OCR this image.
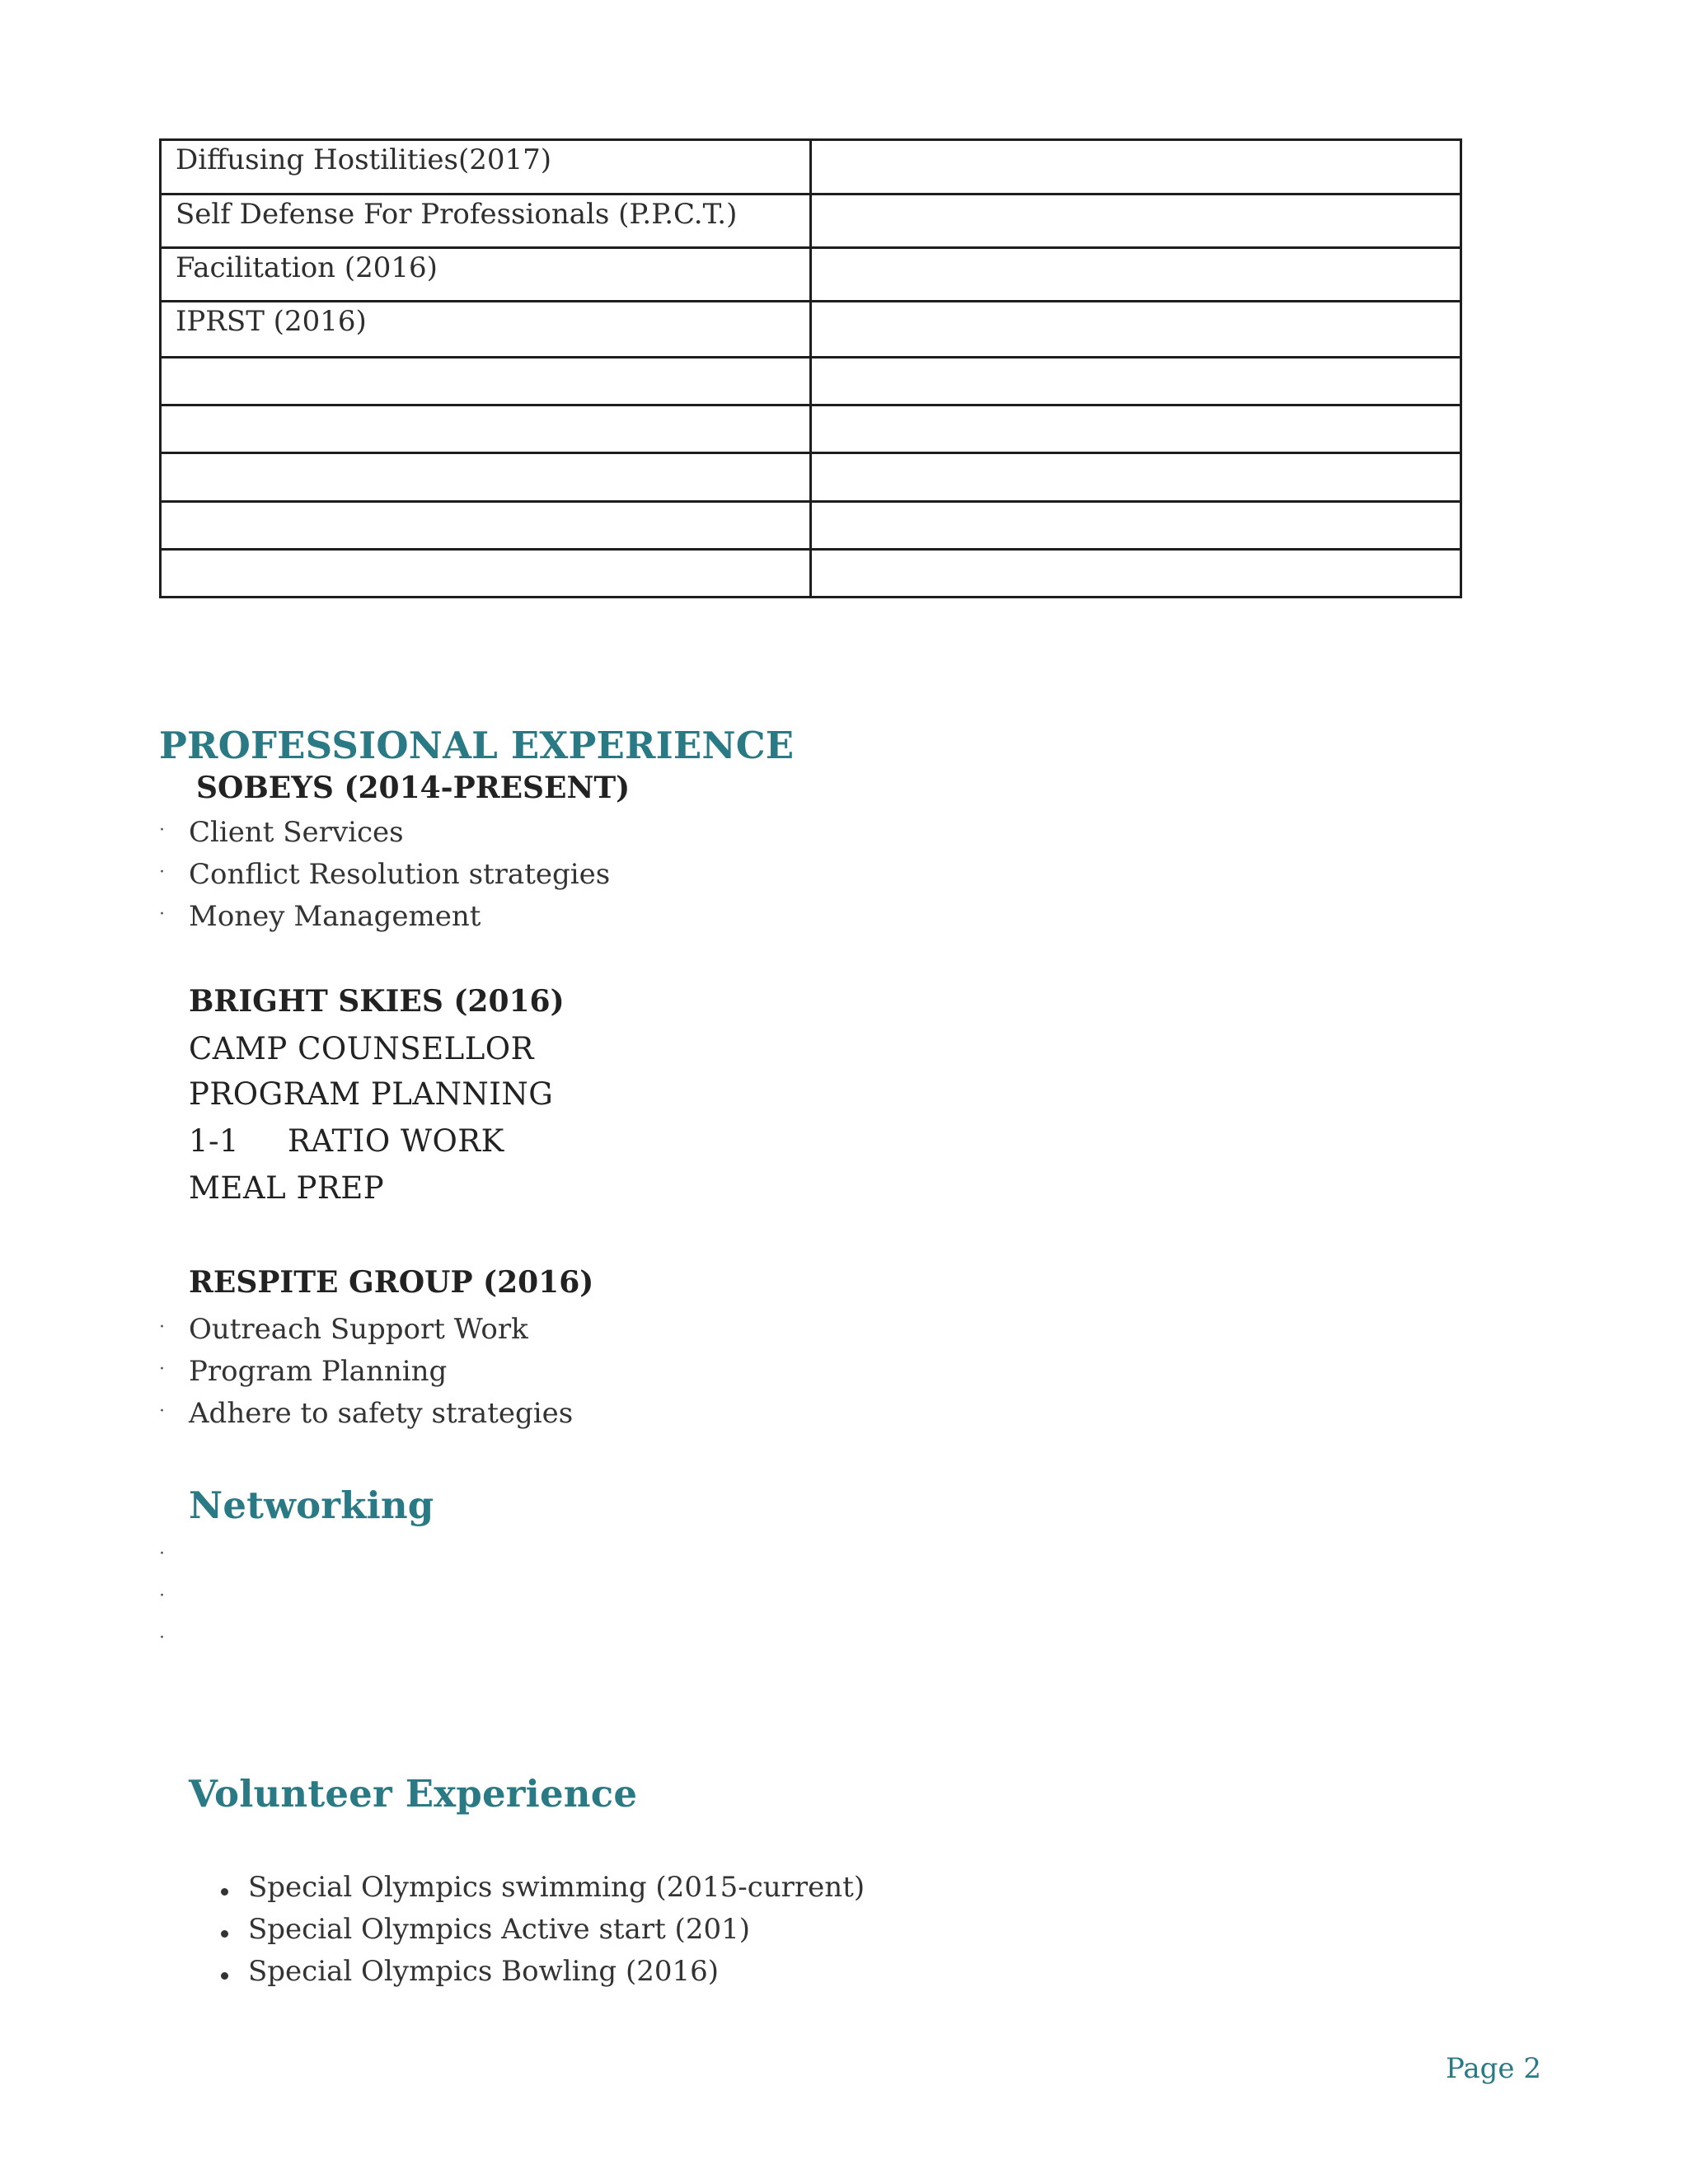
Diffusing Hostilities(2017)	

Self Defense For Professionals (P.P.C.T.)	

Facilitation (2016)	

IPRST (2016)	

PROFESSIONAL EXPERIENCE
SOBEYS (2014-PRESENT)
· Client Services
· Conflict Resolution strategies
· Money Management
BRIGHT SKIES (2016)
CAMP COUNSELLOR
PROGRAM PLANNING
1-1 RATIO WORK
MEAL PREP
RESPITE GROUP (2016)
· Outreach Support Work
· Program Planning
· Adhere to safety strategies
Networking
·
·
·
Volunteer Experience
Special Olympics swimming (2015-current)
Special Olympics Active start (201)
Special Olympics Bowling (2016)
Page 2
